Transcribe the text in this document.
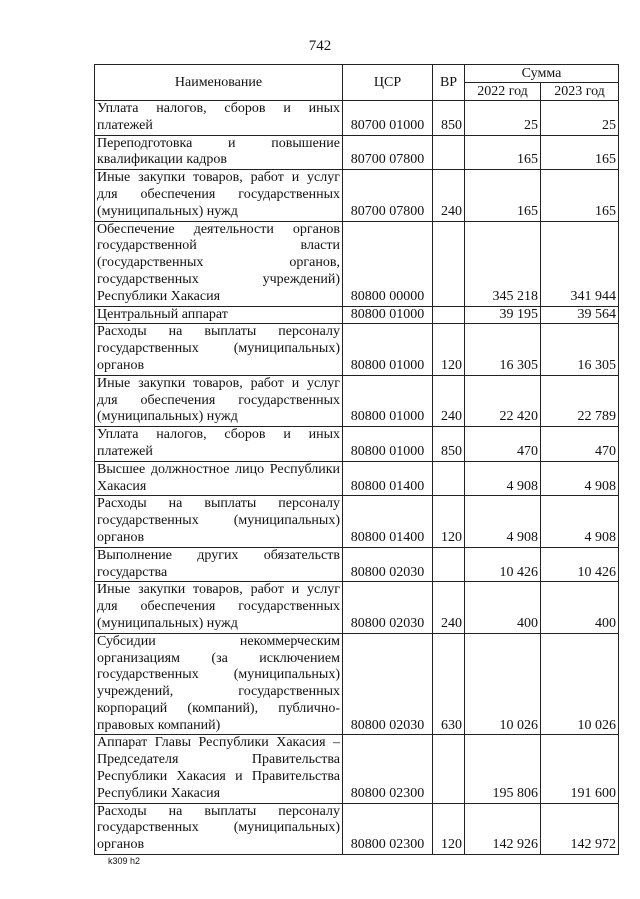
742
Наименование	ЦСР	ВР	Сумма	
			2022 год	2023 год
Уплата налогов, сборов и иных платежей	80700 01000	850	25	25
Переподготовка и повышение квалификации кадров	80700 07800		165	165
Иные закупки товаров, работ и услуг для обеспечения государственных (муниципальных) нужд	80700 07800	240	165	165
Обеспечение деятельности органов государственной власти (государственных органов, государственных учреждений) Республики Хакасия	80800 00000		345 218	341 944
Центральный аппарат	80800 01000		39 195	39 564
Расходы на выплаты персоналу государственных (муниципальных) органов	80800 01000	120	16 305	16 305
Иные закупки товаров, работ и услуг для обеспечения государственных (муниципальных) нужд	80800 01000	240	22 420	22 789
Уплата налогов, сборов и иных платежей	80800 01000	850	470	470
Высшее должностное лицо Республики Хакасия	80800 01400		4 908	4 908
Расходы на выплаты персоналу государственных (муниципальных) органов	80800 01400	120	4 908	4 908
Выполнение других обязательств государства	80800 02030		10 426	10 426
Иные закупки товаров, работ и услуг для обеспечения государственных (муниципальных) нужд	80800 02030	240	400	400
Субсидии некоммерческим организациям (за исключением государственных (муниципальных) учреждений, государственных корпораций (компаний), публично-правовых компаний)	80800 02030	630	10 026	10 026
Аппарат Главы Республики Хакасия – Председателя Правительства Республики Хакасия и Правительства Республики Хакасия	80800 02300		195 806	191 600
Расходы на выплаты персоналу государственных (муниципальных) органов	80800 02300	120	142 926	142 972
k309 h2
